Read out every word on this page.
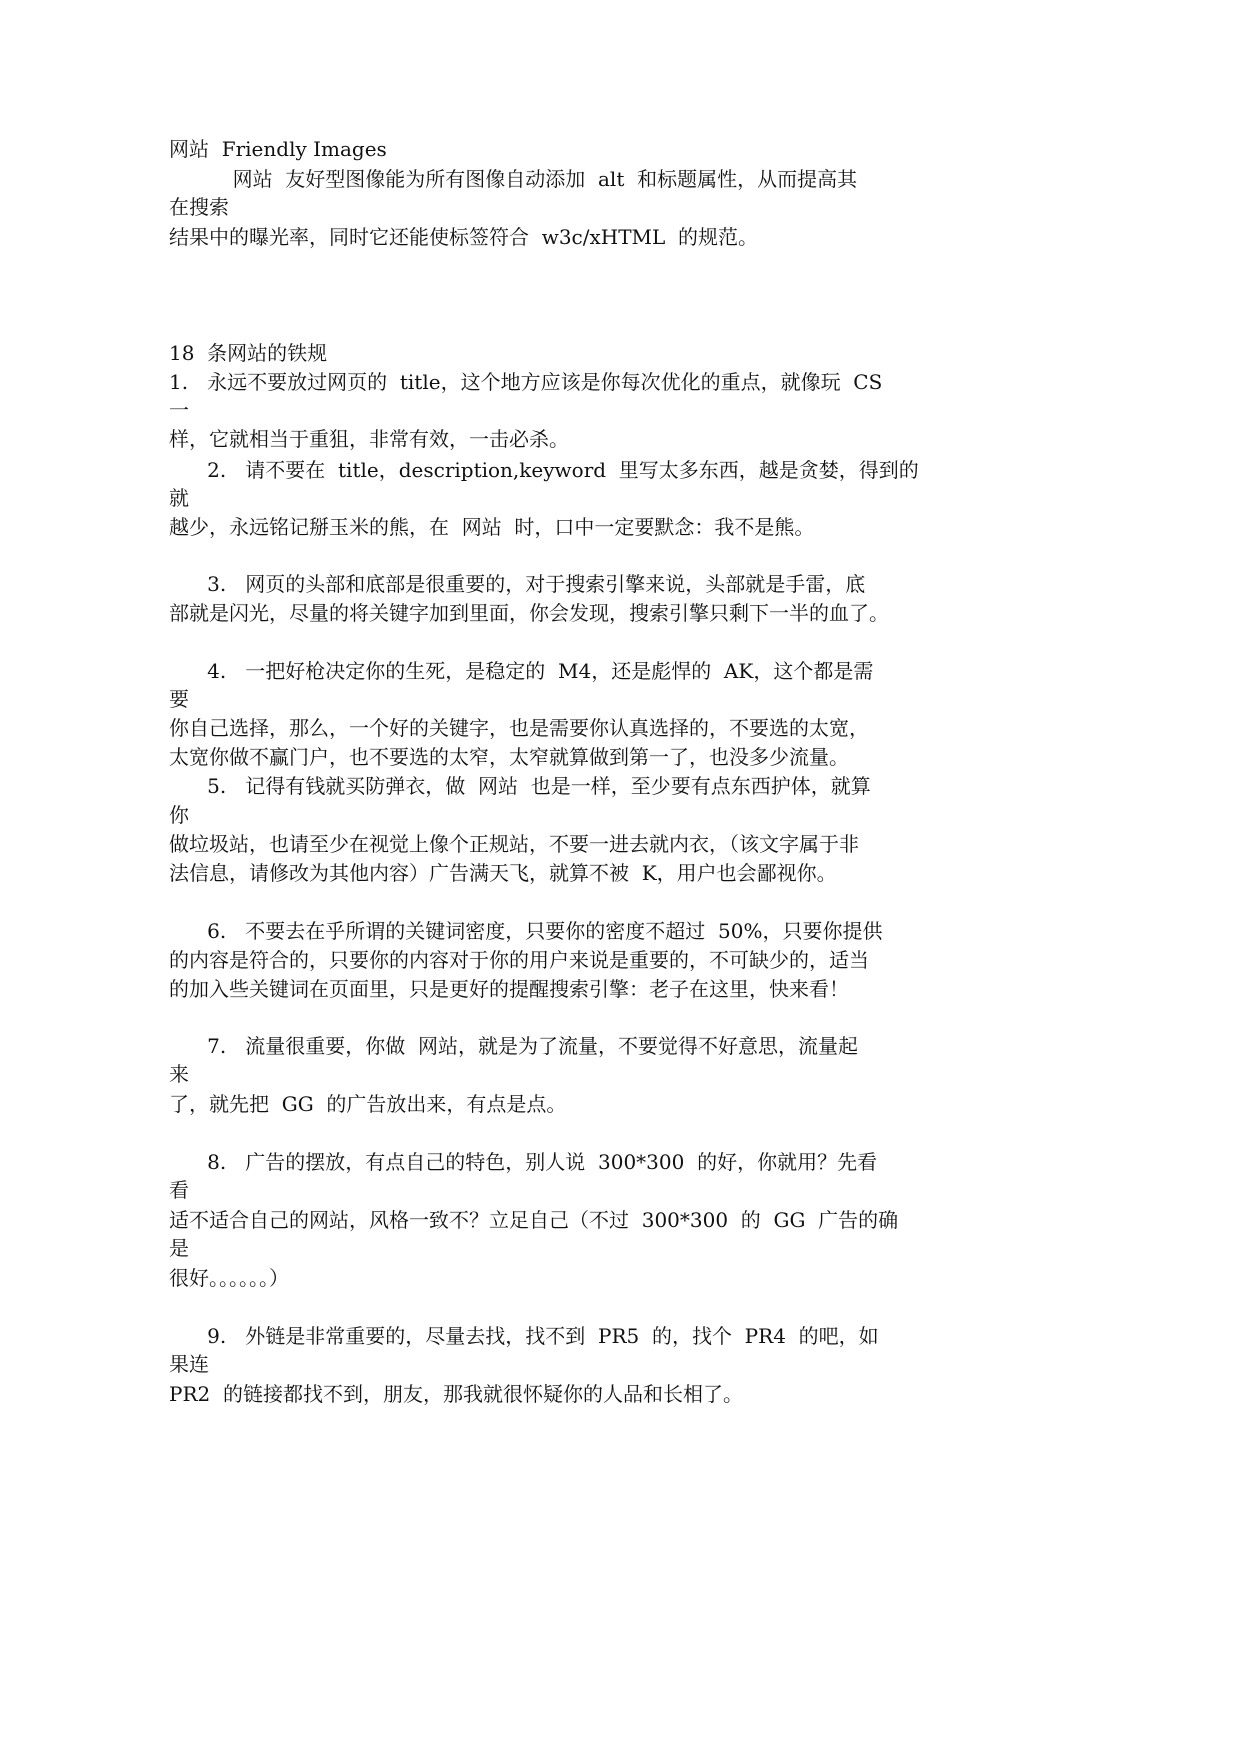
网站  Friendly Images

网站  友好型图像能为所有图像自动添加  alt  和标题属性，从而提高其

在搜索

结果中的曝光率，同时它还能使标签符合  w3c/xHTML  的规范。

18  条网站的铁规

1.   永远不要放过网页的  title，这个地方应该是你每次优化的重点，就像玩  CS

一

样，它就相当于重狙，非常有效，一击必杀。

2.   请不要在  title，description,keyword  里写太多东西，越是贪婪，得到的

就

越少，永远铭记掰玉米的熊，在  网站  时，口中一定要默念：我不是熊。

3.   网页的头部和底部是很重要的，对于搜索引擎来说，头部就是手雷，底

部就是闪光，尽量的将关键字加到里面，你会发现，搜索引擎只剩下一半的血了。

4.   一把好枪决定你的生死，是稳定的  M4，还是彪悍的  AK，这个都是需

要

你自己选择，那么，一个好的关键字，也是需要你认真选择的，不要选的太宽，

太宽你做不赢门户，也不要选的太窄，太窄就算做到第一了，也没多少流量。

5.   记得有钱就买防弹衣，做  网站  也是一样，至少要有点东西护体，就算

你

做垃圾站，也请至少在视觉上像个正规站，不要一进去就内衣，（该文字属于非

法信息，请修改为其他内容）广告满天飞，就算不被  K，用户也会鄙视你。

6.   不要去在乎所谓的关键词密度，只要你的密度不超过  50%，只要你提供

的内容是符合的，只要你的内容对于你的用户来说是重要的，不可缺少的，适当

的加入些关键词在页面里，只是更好的提醒搜索引擎：老子在这里，快来看！

7.   流量很重要，你做  网站，就是为了流量，不要觉得不好意思，流量起

来

了，就先把  GG  的广告放出来，有点是点。

8.   广告的摆放，有点自己的特色，别人说  300*300  的好，你就用？先看

看

适不适合自己的网站，风格一致不？立足自己（不过  300*300  的  GG  广告的确

是

很好。。。。。。）

9.   外链是非常重要的，尽量去找，找不到  PR5  的，找个  PR4  的吧，如

果连

PR2  的链接都找不到，朋友，那我就很怀疑你的人品和长相了。
